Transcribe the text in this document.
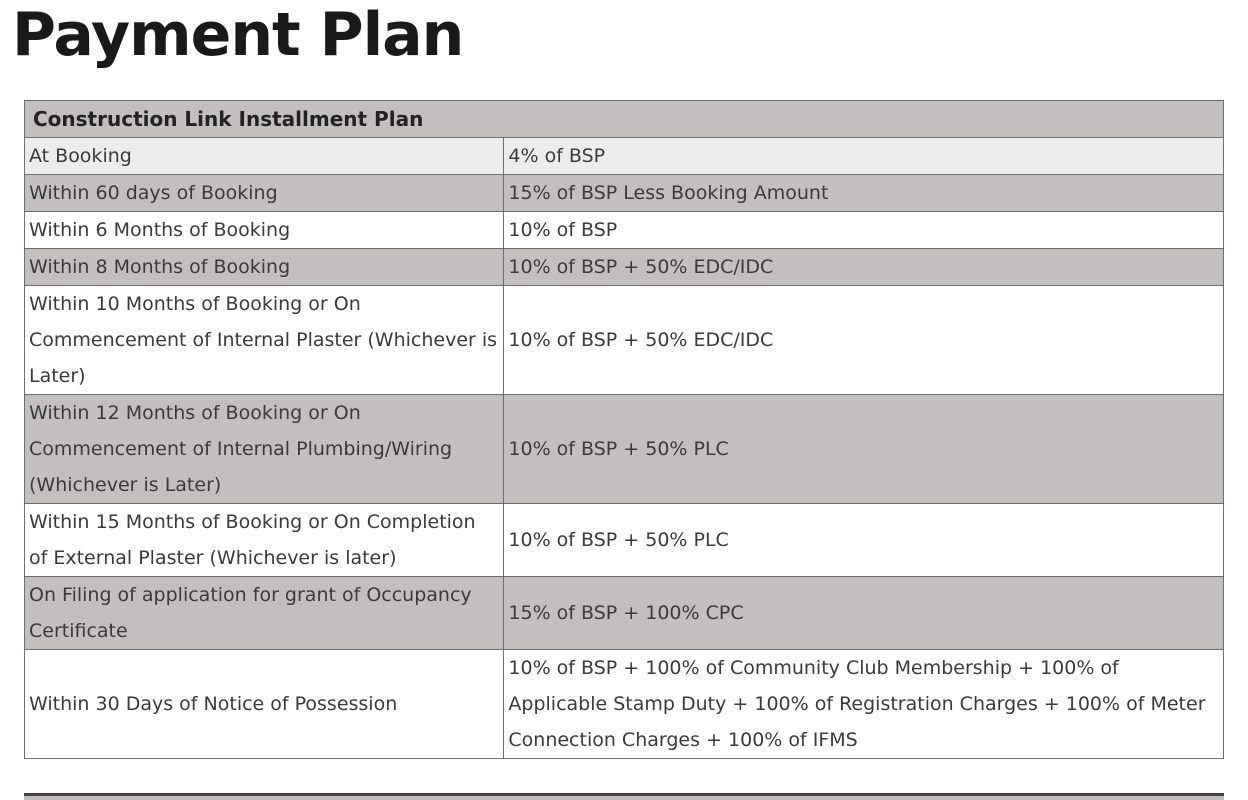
Payment Plan
Construction Link Installment Plan	
At Booking	4% of BSP
Within 60 days of Booking	15% of BSP Less Booking Amount
Within 6 Months of Booking	10% of BSP
Within 8 Months of Booking	10% of BSP + 50% EDC/IDC
Within 10 Months of Booking or On Commencement of Internal Plaster (Whichever is Later)	10% of BSP + 50% EDC/IDC
Within 12 Months of Booking or On Commencement of Internal Plumbing/Wiring (Whichever is Later)	10% of BSP + 50% PLC
Within 15 Months of Booking or On Completion of External Plaster (Whichever is later)	10% of BSP + 50% PLC
On Filing of application for grant of Occupancy Certificate	15% of BSP + 100% CPC
Within 30 Days of Notice of Possession	10% of BSP + 100% of Community Club Membership + 100% of Applicable Stamp Duty + 100% of Registration Charges + 100% of Meter Connection Charges + 100% of IFMS
